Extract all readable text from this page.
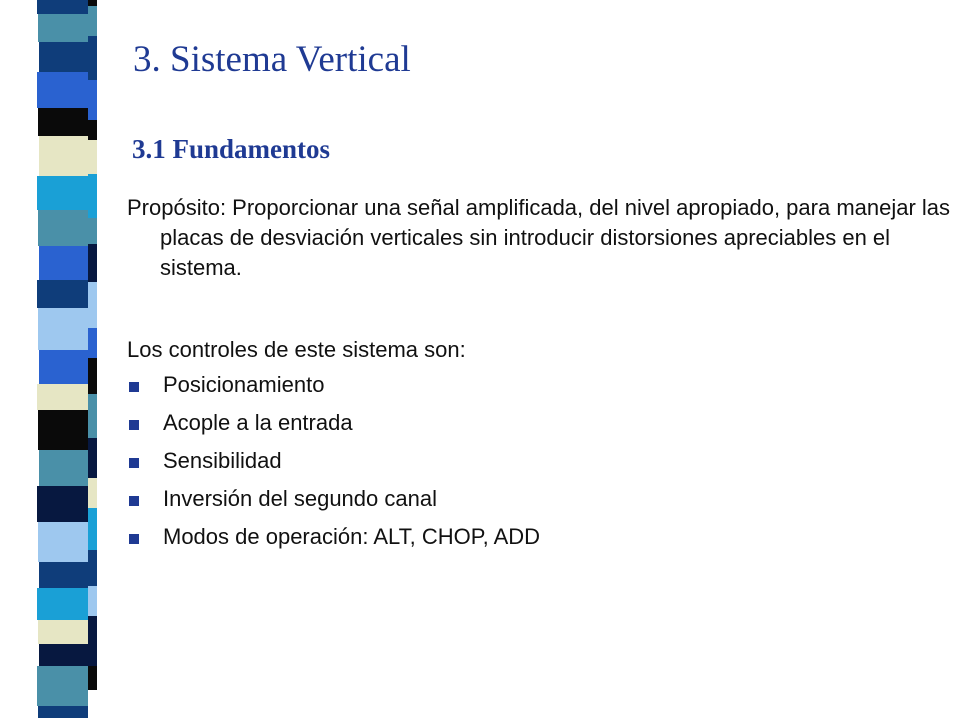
3. Sistema Vertical
3.1 Fundamentos

Propósito: Proporcionar una señal amplificada, del nivel apropiado, para manejar las placas de desviación verticales sin introducir distorsiones apreciables en el sistema.

Los controles de este sistema son:

Posicionamiento
Acople a la entrada
Sensibilidad
Inversión del segundo canal
Modos de operación: ALT, CHOP, ADD
